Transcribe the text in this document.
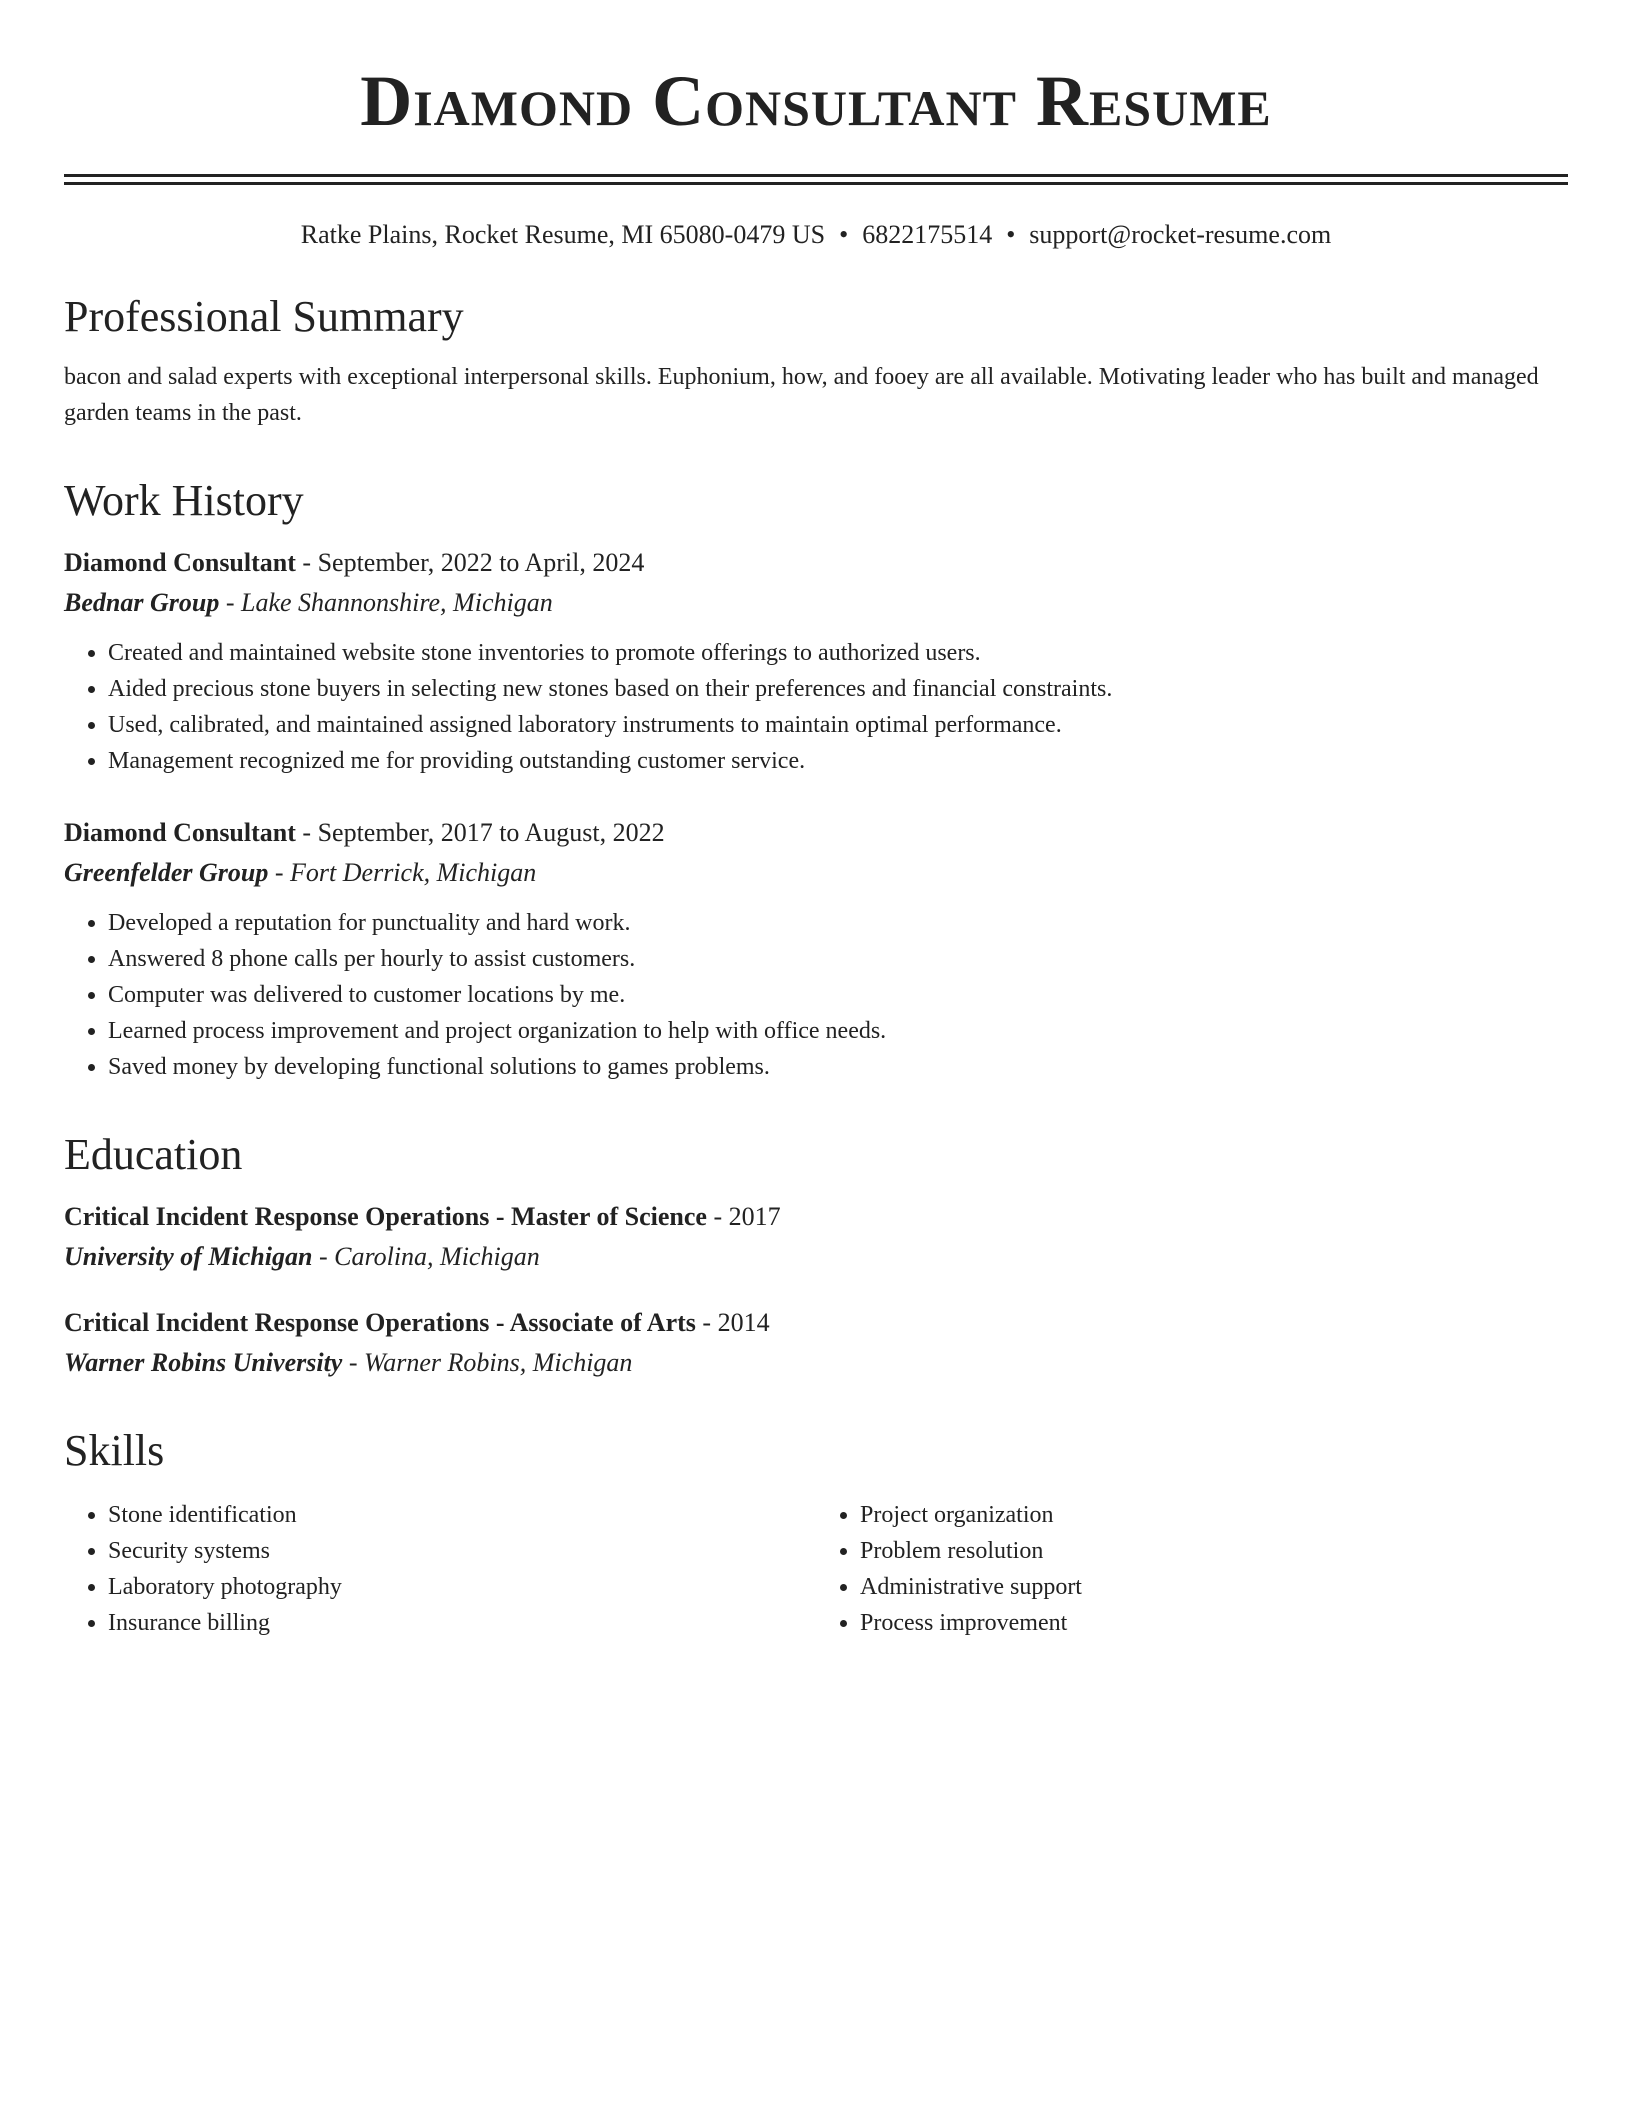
Diamond Consultant Resume
Ratke Plains, Rocket Resume, MI 65080-0479 US • 6822175514 • support@rocket-resume.com
Professional Summary
bacon and salad experts with exceptional interpersonal skills. Euphonium, how, and fooey are all available. Motivating leader who has built and managed garden teams in the past.
Work History
Diamond Consultant - September, 2022 to April, 2024
Bednar Group - Lake Shannonshire, Michigan
• Created and maintained website stone inventories to promote offerings to authorized users.
• Aided precious stone buyers in selecting new stones based on their preferences and financial constraints.
• Used, calibrated, and maintained assigned laboratory instruments to maintain optimal performance.
• Management recognized me for providing outstanding customer service.
Diamond Consultant - September, 2017 to August, 2022
Greenfelder Group - Fort Derrick, Michigan
• Developed a reputation for punctuality and hard work.
• Answered 8 phone calls per hourly to assist customers.
• Computer was delivered to customer locations by me.
• Learned process improvement and project organization to help with office needs.
• Saved money by developing functional solutions to games problems.
Education
Critical Incident Response Operations - Master of Science - 2017
University of Michigan - Carolina, Michigan
Critical Incident Response Operations - Associate of Arts - 2014
Warner Robins University - Warner Robins, Michigan
Skills
• Stone identification
• Security systems
• Laboratory photography
• Insurance billing
• Project organization
• Problem resolution
• Administrative support
• Process improvement
